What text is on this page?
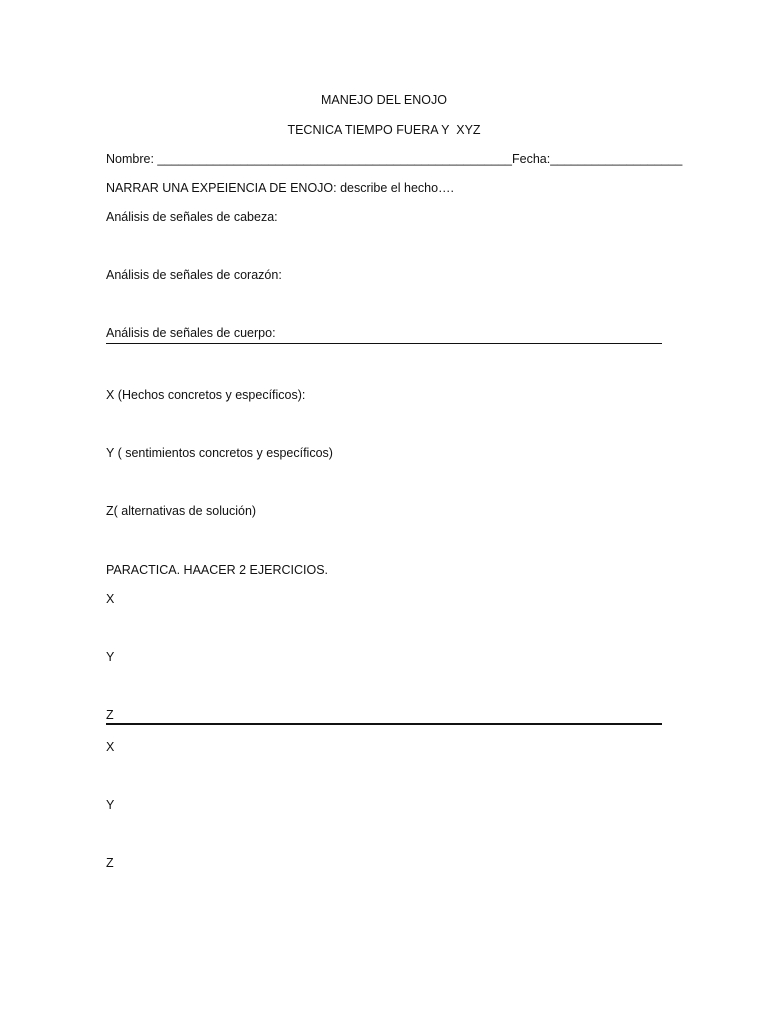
MANEJO DEL ENOJO
TECNICA TIEMPO FUERA Y  XYZ
Nombre: ___________________________________________________Fecha:___________________
NARRAR UNA EXPEIENCIA DE ENOJO: describe el hecho….
Análisis de señales de cabeza:
Análisis de señales de corazón:
Análisis de señales de cuerpo:
X (Hechos concretos y específicos):
Y ( sentimientos concretos y específicos)
Z( alternativas de solución)
PARACTICA. HAACER 2 EJERCICIOS.
X
Y
Z
X
Y
Z
